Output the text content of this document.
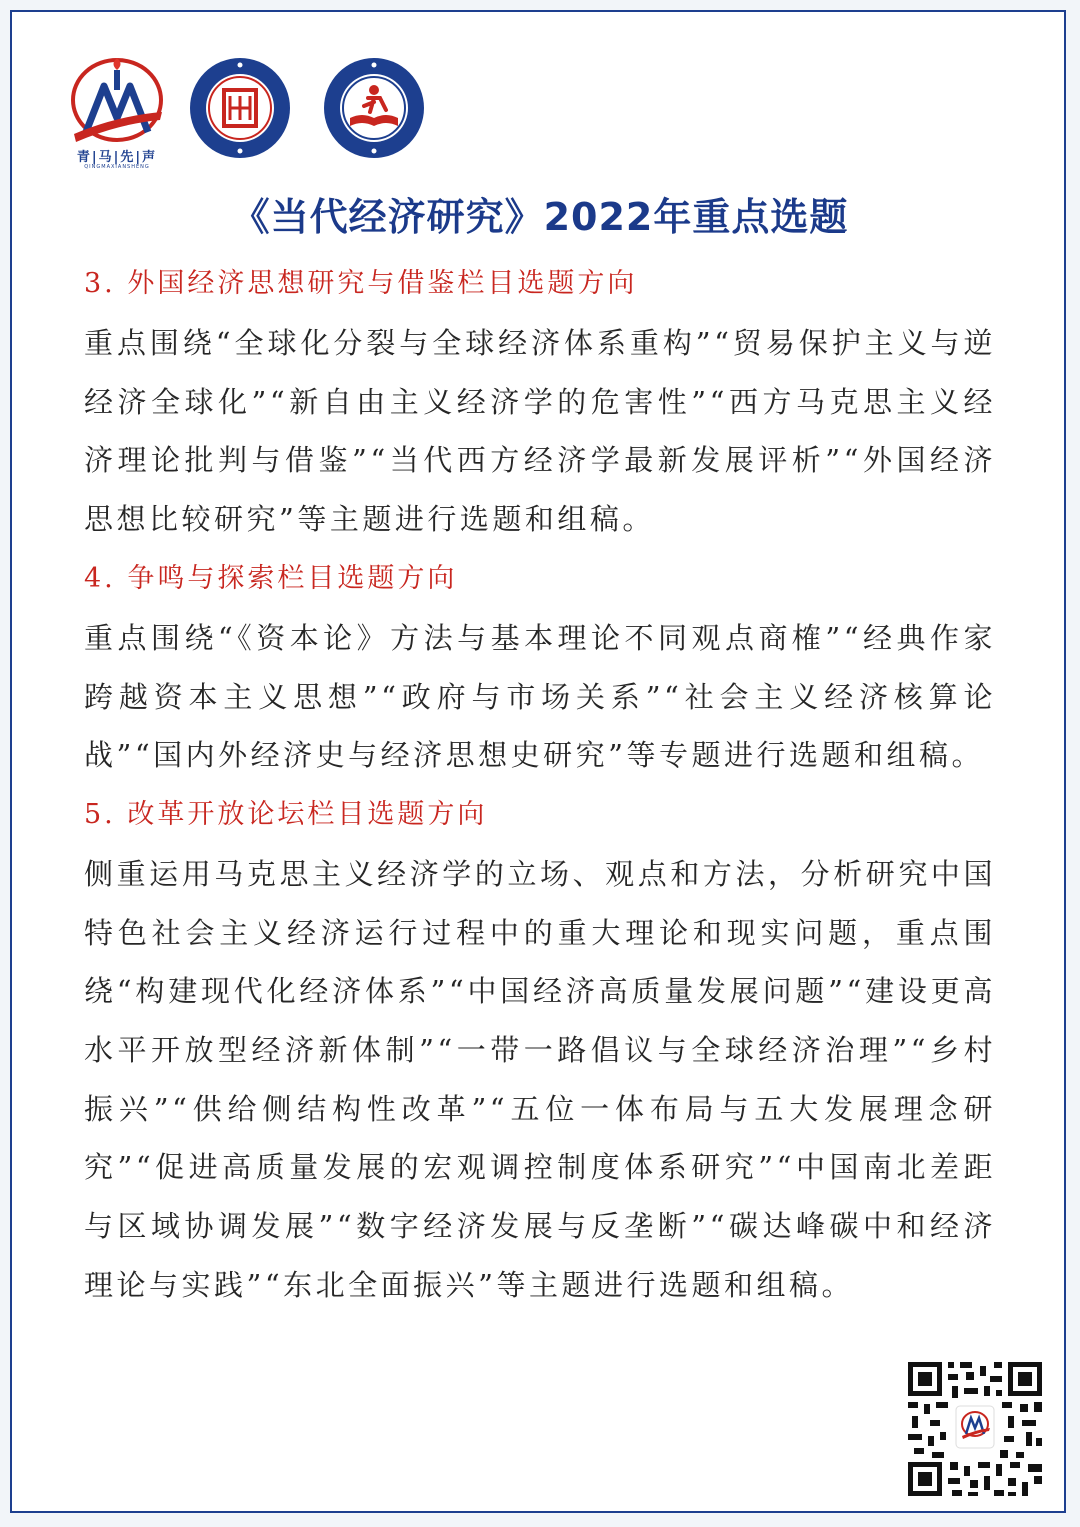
青|马|先|声
QINGMAXIANSHENG
《当代经济研究》2022年重点选题
3. 外国经济思想研究与借鉴栏目选题方向

重点围绕“全球化分裂与全球经济体系重构”“贸易保护主义与逆经济全球化”“新自由主义经济学的危害性”“西方马克思主义经济理论批判与借鉴”“当代西方经济学最新发展评析”“外国经济思想比较研究”等主题进行选题和组稿。

4. 争鸣与探索栏目选题方向

重点围绕“《资本论》方法与基本理论不同观点商榷”“经典作家跨越资本主义思想”“政府与市场关系”“社会主义经济核算论战”“国内外经济史与经济思想史研究”等专题进行选题和组稿。

5. 改革开放论坛栏目选题方向

侧重运用马克思主义经济学的立场、观点和方法，分析研究中国特色社会主义经济运行过程中的重大理论和现实问题，重点围绕“构建现代化经济体系”“中国经济高质量发展问题”“建设更高水平开放型经济新体制”“一带一路倡议与全球经济治理”“乡村振兴”“供给侧结构性改革”“五位一体布局与五大发展理念研究”“促进高质量发展的宏观调控制度体系研究”“中国南北差距与区域协调发展”“数字经济发展与反垄断”“碳达峰碳中和经济理论与实践”“东北全面振兴”等主题进行选题和组稿。
